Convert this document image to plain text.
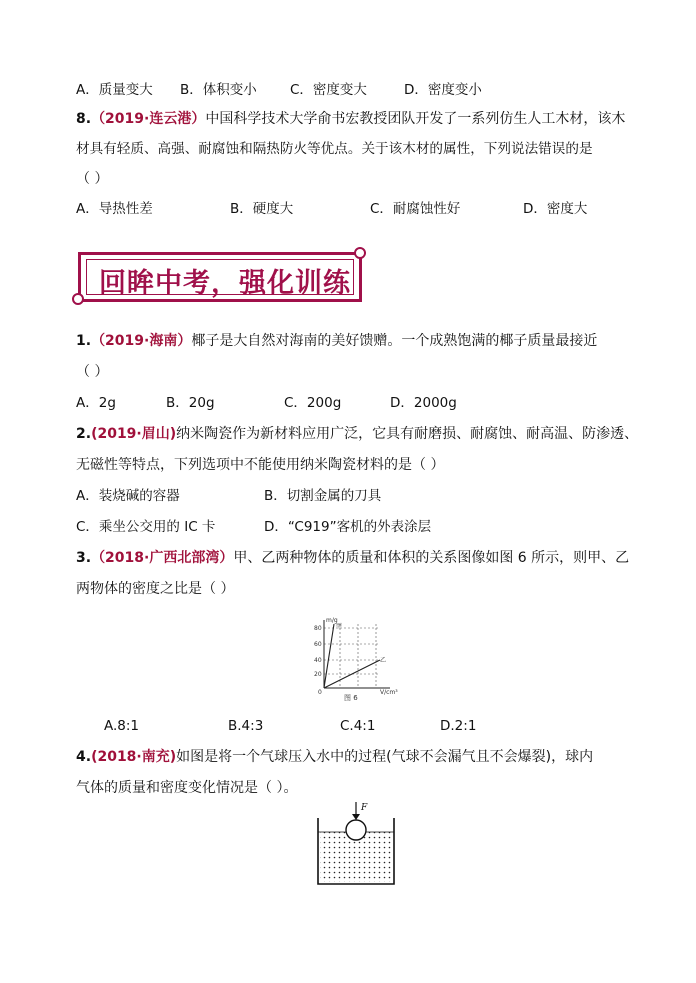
A．质量变大 B．体积变小 C．密度变大	D．密度变小
8.（2019·连云港）中国科学技术大学俞书宏教授团队开发了一系列仿生人工木材，该木
材具有轻质、高强、耐腐蚀和隔热防火等优点。关于该木材的属性，下列说法错误的是
（ ）
A．导热性差	B．硬度大	C．耐腐蚀性好	D．密度大
回眸中考，强化训练
1.（2019·海南）椰子是大自然对海南的美好馈赠。一个成熟饱满的椰子质量最接近
（ ）
A．2g	B．20g	C．200g	D．2000g
2.(2019·眉山)纳米陶瓷作为新材料应用广泛，它具有耐磨损、耐腐蚀、耐高温、防渗透、
无磁性等特点，下列选项中不能使用纳米陶瓷材料的是（ ）
A．装烧碱的容器	B．切割金属的刀具
C．乘坐公交用的 IC 卡	D．“C919”客机的外表涂层
3.（2018·广西北部湾）甲、乙两种物体的质量和体积的关系图像如图 6 所示，则甲、乙
两物体的密度之比是（ ）
m/g
V/cm³
80
60
40
20
0
甲
乙
图 6
A.8:1	B.4:3	C.4:1	D.2:1
4.(2018·南充)如图是将一个气球压入水中的过程(气球不会漏气且不会爆裂)，球内
气体的质量和密度变化情况是（ ）。
F
